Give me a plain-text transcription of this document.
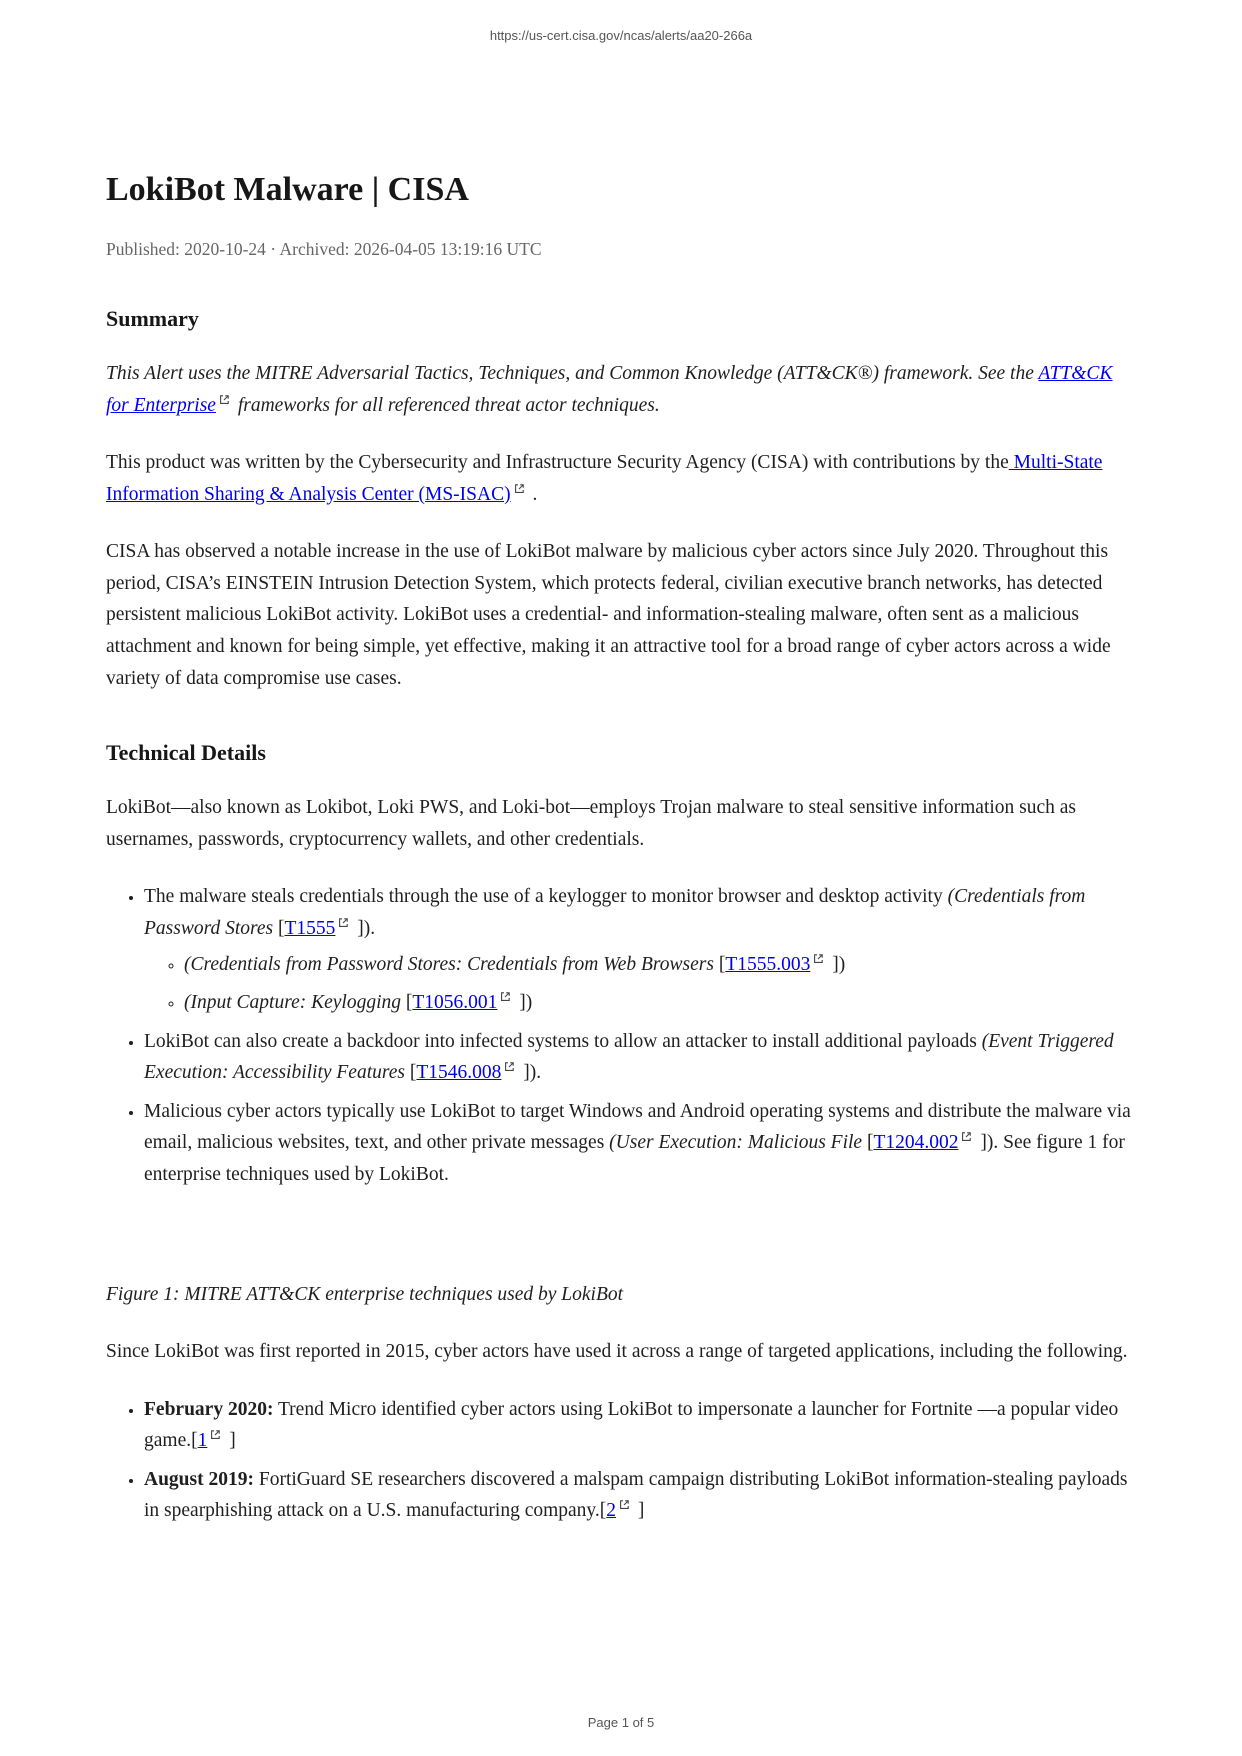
https://us-cert.cisa.gov/ncas/alerts/aa20-266a
LokiBot Malware | CISA

Published: 2020-10-24 · Archived: 2026-04-05 13:19:16 UTC

Summary

This Alert uses the MITRE Adversarial Tactics, Techniques, and Common Knowledge (ATT&CK®) framework. See the ATT&CK for Enterprise
frameworks for all referenced threat actor techniques.

This product was written by the Cybersecurity and Infrastructure Security Agency (CISA) with contributions by the Multi-State Information Sharing & Analysis Center (MS-ISAC)
.

CISA has observed a notable increase in the use of LokiBot malware by malicious cyber actors since July 2020. Throughout this period, CISA’s EINSTEIN Intrusion Detection System, which protects federal, civilian executive branch networks, has detected persistent malicious LokiBot activity. LokiBot uses a credential- and information-stealing malware, often sent as a malicious attachment and known for being simple, yet effective, making it an attractive tool for a broad range of cyber actors across a wide variety of data compromise use cases.

Technical Details

LokiBot—also known as Lokibot, Loki PWS, and Loki-bot—employs Trojan malware to steal sensitive information such as usernames, passwords, cryptocurrency wallets, and other credentials.

• The malware steals credentials through the use of a keylogger to monitor browser and desktop activity (Credentials from Password Stores [T1555
]).
◦ (Credentials from Password Stores: Credentials from Web Browsers [T1555.003
])
◦ (Input Capture: Keylogging [T1056.001
])
• LokiBot can also create a backdoor into infected systems to allow an attacker to install additional payloads (Event Triggered Execution: Accessibility Features [T1546.008
]).
• Malicious cyber actors typically use LokiBot to target Windows and Android operating systems and distribute the malware via email, malicious websites, text, and other private messages (User Execution: Malicious File [T1204.002
]). See figure 1 for enterprise techniques used by LokiBot.

Figure 1: MITRE ATT&CK enterprise techniques used by LokiBot

Since LokiBot was first reported in 2015, cyber actors have used it across a range of targeted applications, including the following.

• February 2020: Trend Micro identified cyber actors using LokiBot to impersonate a launcher for Fortnite —a popular video game.[1
]
• August 2019: FortiGuard SE researchers discovered a malspam campaign distributing LokiBot information-stealing payloads in spearphishing attack on a U.S. manufacturing company.[2
]
Page 1 of 5
